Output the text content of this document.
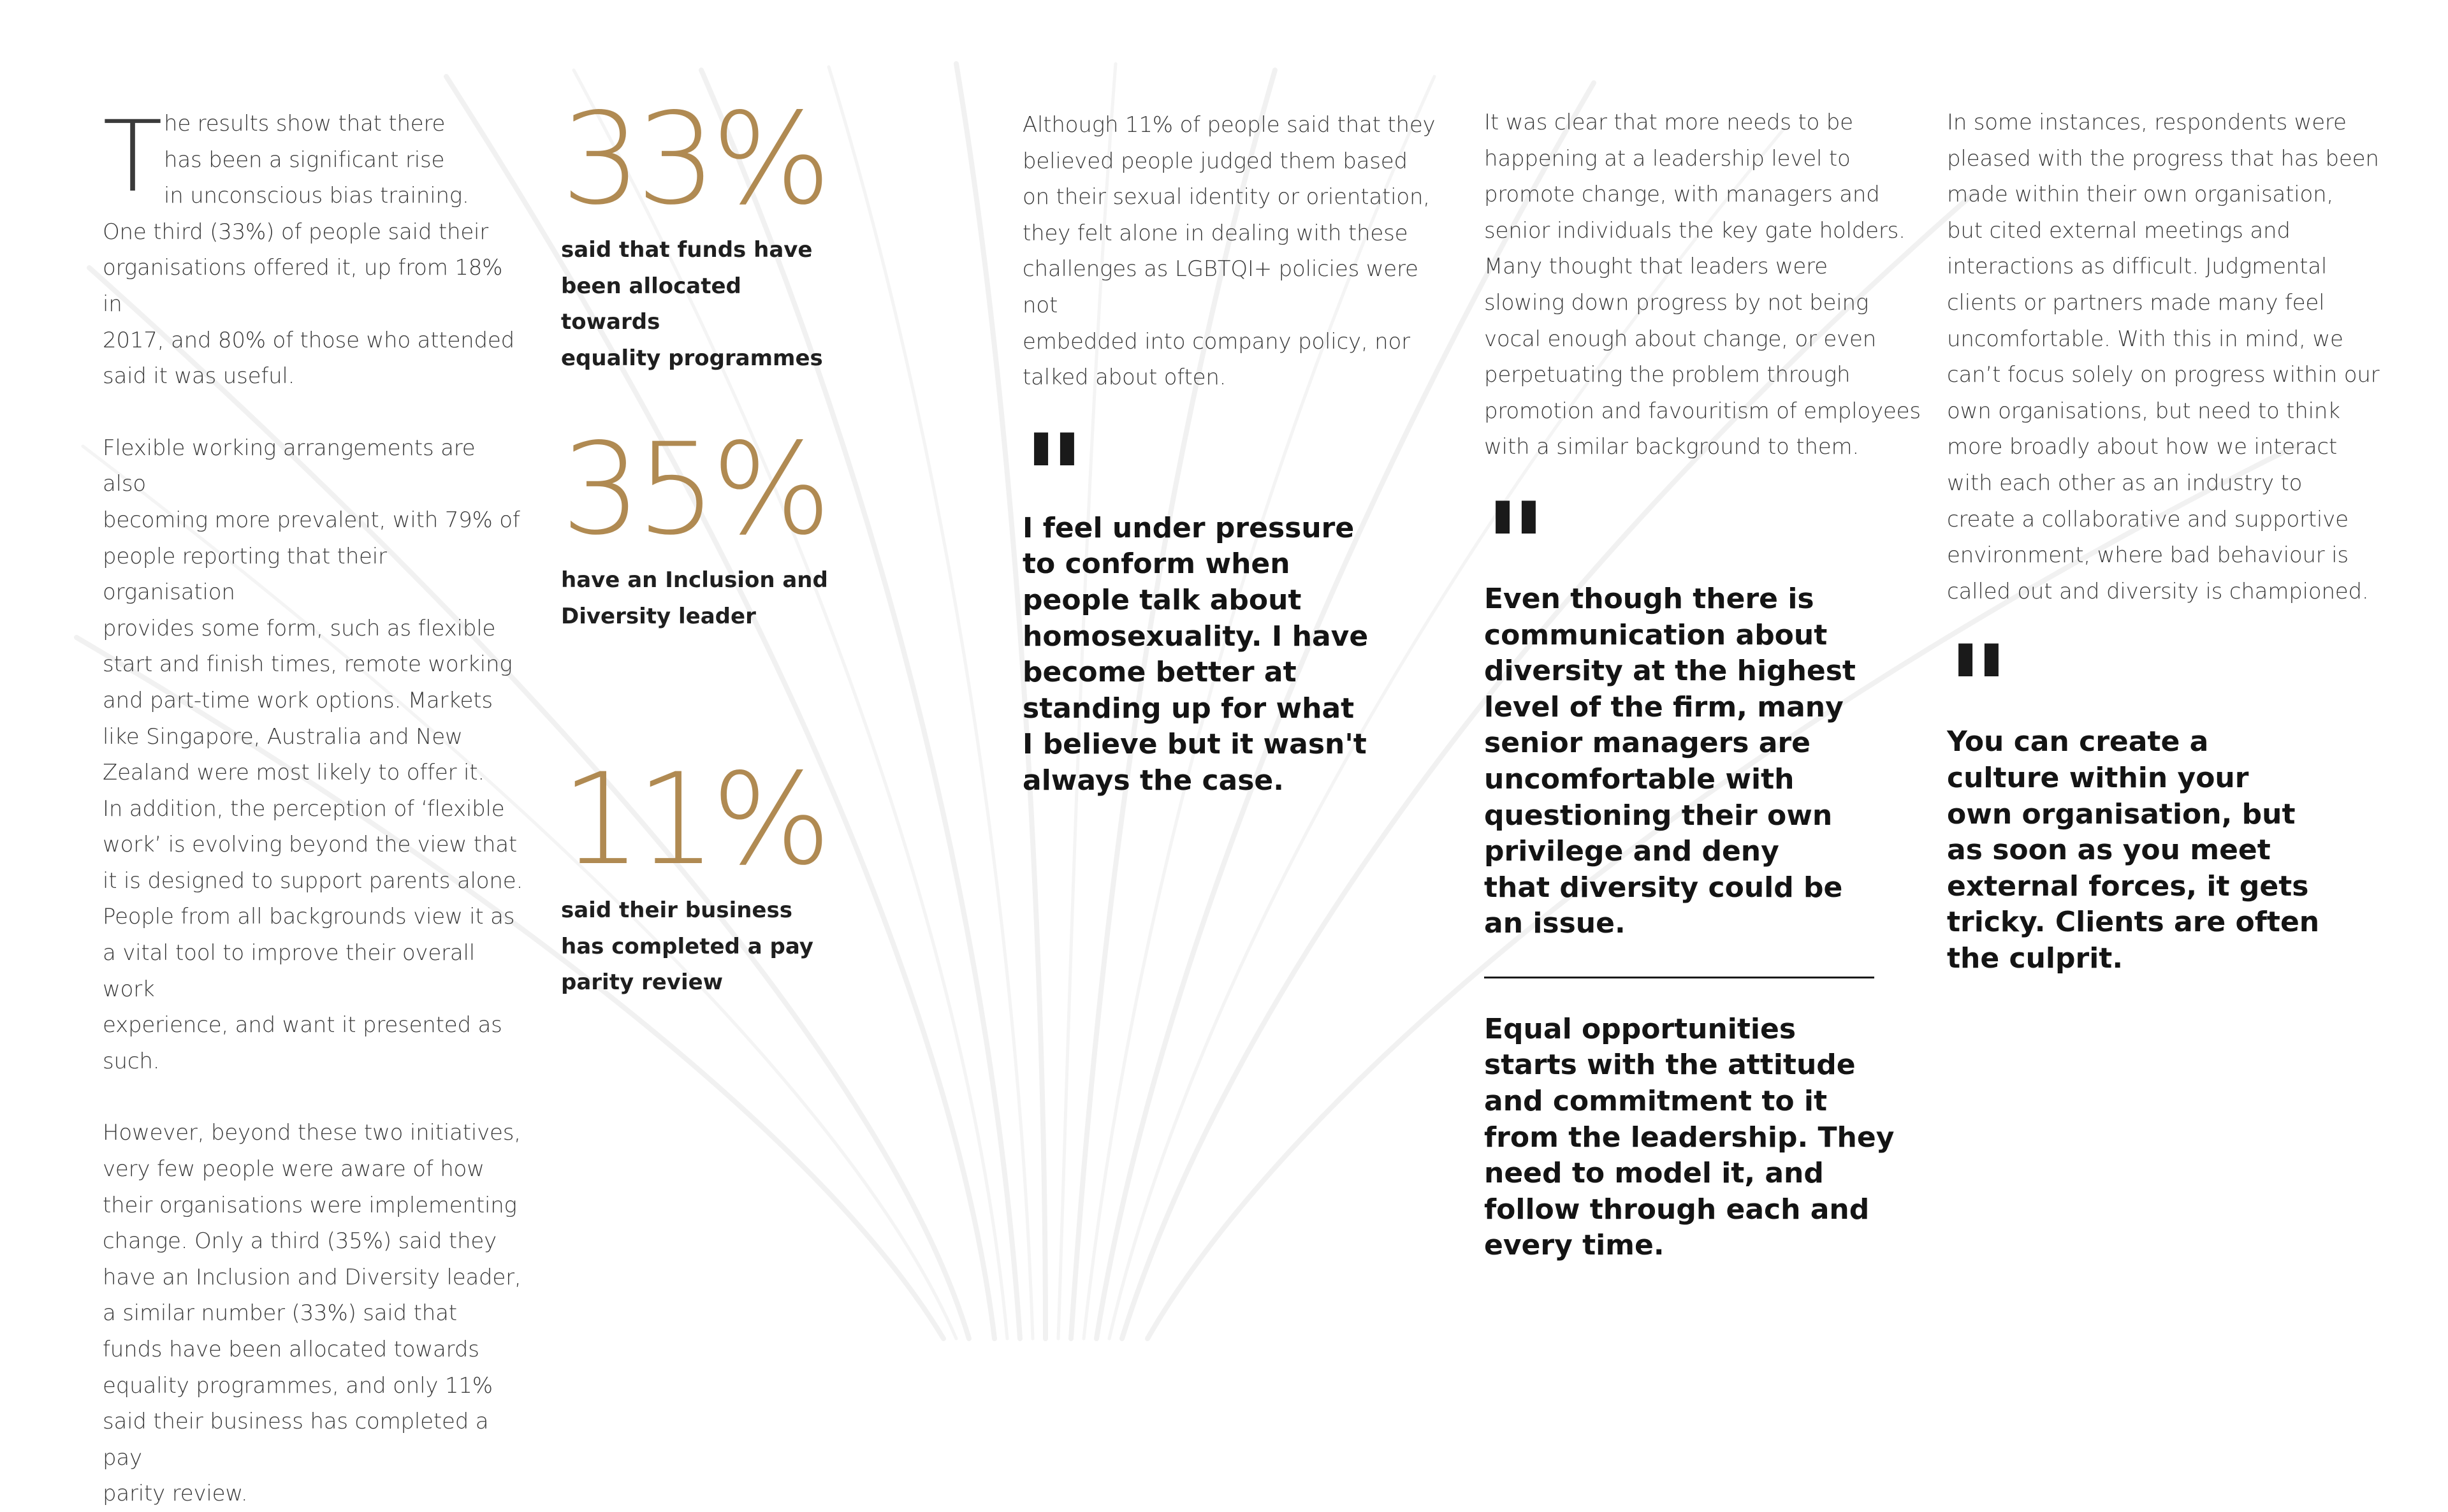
T he results show that there
has been a significant rise
in unconscious bias training.

One third (33%) of people said their
organisations offered it, up from 18% in
2017, and 80% of those who attended
said it was useful.

Flexible working arrangements are also
becoming more prevalent, with 79% of
people reporting that their organisation
provides some form, such as flexible
start and finish times, remote working
and part-time work options. Markets
like Singapore, Australia and New
Zealand were most likely to offer it.
In addition, the perception of ‘flexible
work’ is evolving beyond the view that
it is designed to support parents alone.
People from all backgrounds view it as
a vital tool to improve their overall work
experience, and want it presented as
such.

However, beyond these two initiatives,
very few people were aware of how
their organisations were implementing
change. Only a third (35%) said they
have an Inclusion and Diversity leader,
a similar number (33%) said that
funds have been allocated towards
equality programmes, and only 11%
said their business has completed a pay
parity review.

33%

said that funds have
been allocated towards
equality programmes

35%

have an Inclusion and
Diversity leader

11%

said their business
has completed a pay
parity review

Although 11% of people said that they
believed people judged them based
on their sexual identity or orientation,
they felt alone in dealing with these
challenges as LGBTQI+ policies were not
embedded into company policy, nor
talked about often.

"

I feel under pressure
to conform when
people talk about
homosexuality. I have
become better at
standing up for what
I believe but it wasn't
always the case.

It was clear that more needs to be
happening at a leadership level to
promote change, with managers and
senior individuals the key gate holders.
Many thought that leaders were
slowing down progress by not being
vocal enough about change, or even
perpetuating the problem through
promotion and favouritism of employees
with a similar background to them.

"

Even though there is
communication about
diversity at the highest
level of the firm, many
senior managers are
uncomfortable with
questioning their own
privilege and deny
that diversity could be
an issue.

Equal opportunities
starts with the attitude
and commitment to it
from the leadership. They
need to model it, and
follow through each and
every time.

In some instances, respondents were
pleased with the progress that has been
made within their own organisation,
but cited external meetings and
interactions as difficult. Judgmental
clients or partners made many feel
uncomfortable. With this in mind, we
can’t focus solely on progress within our
own organisations, but need to think
more broadly about how we interact
with each other as an industry to
create a collaborative and supportive
environment, where bad behaviour is
called out and diversity is championed.

"

You can create a
culture within your
own organisation, but
as soon as you meet
external forces, it gets
tricky. Clients are often
the culprit.
